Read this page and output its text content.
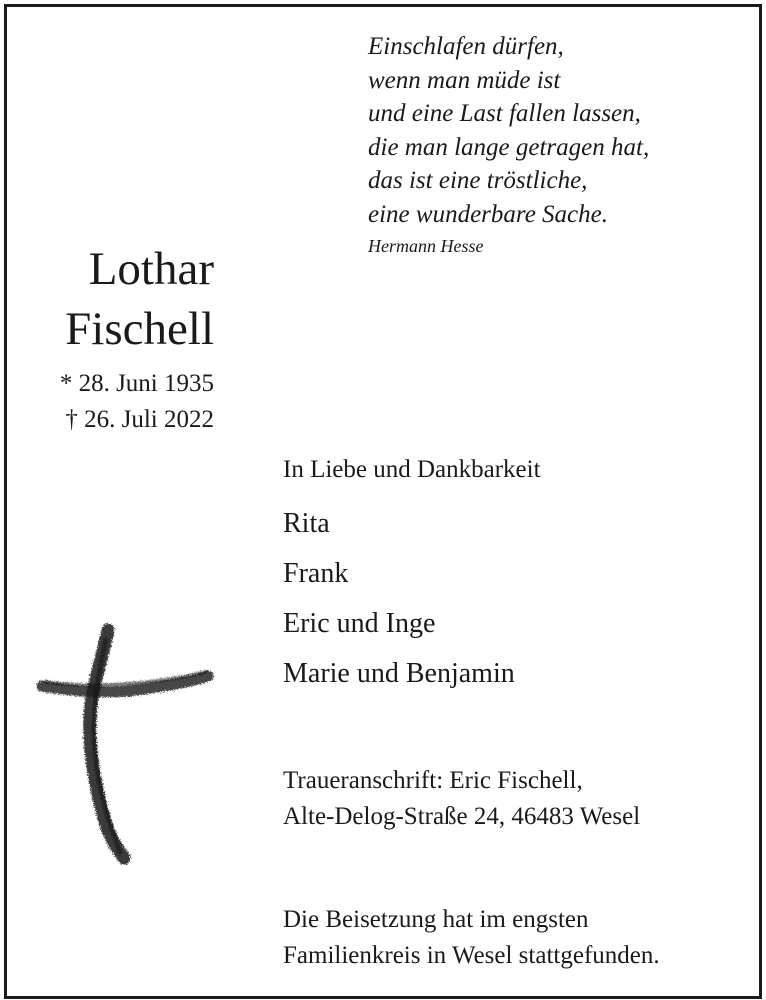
Einschlafen dürfen,
wenn man müde ist
und eine Last fallen lassen,
die man lange getragen hat,
das ist eine tröstliche,
eine wunderbare Sache.
Hermann Hesse
Lothar
Fischell
* 28. Juni 1935
† 26. Juli 2022
In Liebe und Dankbarkeit
Rita
Frank
Eric und Inge
Marie und Benjamin
Traueranschrift: Eric Fischell,
Alte-Delog-Straße 24, 46483 Wesel
Die Beisetzung hat im engsten
Familienkreis in Wesel stattgefunden.
